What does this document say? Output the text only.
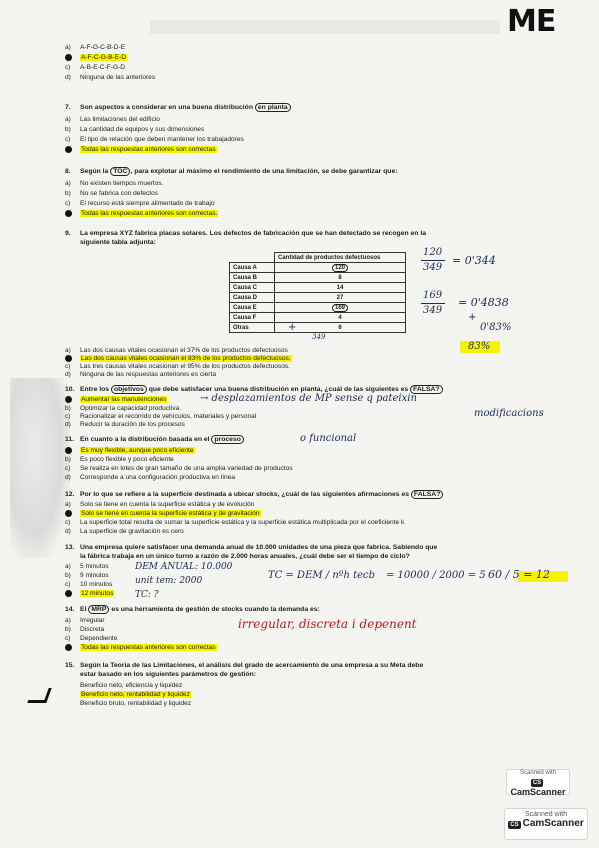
ME
a) A-F-G-C-B-D-E
A-F-C-G-B-E-D
c) A-B-E-C-F-G-D
d) Ninguna de las anteriores
7. Son aspectos a considerar en una buena distribución en planta
a) Las limitaciones del edificio
b) La cantidad de equipos y sus dimensiones
c) El tipo de relación que deben mantener los trabajadores
Todas las respuestas anteriores son correctas
8. Según la TOC , para explotar al máximo el rendimiento de una limitación, se debe garantizar que:
a) No existen tiempos muertos.
b) No se fabrica con defectos
c) El recurso está siempre alimentado de trabajo
Todas las respuestas anteriores son correctas.
9. La empresa XYZ fabrica placas solares. Los defectos de fabricación que se han detectado se recogen en la
siguiente tabla adjunta:
	Cantidad de productos defectuosos
Causa A	120
Causa B	8
Causa C	14
Causa D	27
Causa E	169
Causa F	4
Otras	6
+
349
120
349
= 0'344
169
349
= 0'4838
+
0'83%
83%
a) Las dos causas vitales ocasionan el 37% de los productos defectuosos
Las dos causas vitales ocasionan el 83% de los productos defectuosos.
c) Las tres causas vitales ocasionan el 95% de los productos defectuosos.
d) Ninguna de las respuestas anteriores es cierta
10. Entre los objetivos que debe satisfacer una buena distribución en planta, ¿cuál de las siguientes es FALSA?
Aumentar las manutenciones	→ desplazamientos de MP sense q pateixin
modificacions
b) Optimizar la capacidad productiva.
c) Racionalizar el recorrido de vehículos, materiales y personal
d) Reducir la duración de los procesos
11. En cuanto a la distribución basada en el proceso	o funcional
Es muy flexible, aunque poco eficiente
b) Es poco flexible y poco eficiente
c) Se realiza en lotes de gran tamaño de una amplia variedad de productos
d) Corresponde a una configuración productiva en línea
12. Por lo que se refiere a la superficie destinada a ubicar stocks, ¿cuál de las siguientes afirmaciones es FALSA?
a) Solo se tiene en cuenta la superficie estática y de evolución
Solo se tiene en cuenta la superficie estática y de gravitación
c) La superficie total resulta de sumar la superficie estática y la superficie estática multiplicada por el coeficiente k
d) La superficie de gravitación es cero
13. Una empresa quiere satisfacer una demanda anual de 10.000 unidades de una pieza que fabrica. Sabiendo que
la fábrica trabaja en un único turno a razón de 2.000 horas anuales, ¿cuál debe ser el tiempo de ciclo?
a) 5 minutos
b) 9 minutos
c) 10 minutos
12 minutos
DEM ANUAL: 10.000
unit tem: 2000
TC: ?
TC = DEM / nºh tecb = 10000 / 2000 = 5 60 / 5 = 12
14. El MRP es una herramienta de gestión de stocks cuando la demanda es:
a) Irregular
b) Discreta
c) Dependiente
Todas las respuestas anteriores son correctas
irregular, discreta i depenent
15. Según la Teoría de las Limitaciones, el análisis del grado de acercamiento de una empresa a su Meta debe
estar basado en los siguientes parámetros de gestión:
Beneficio neto, eficiencia y liquidez
Beneficio neto, rentabilidad y liquidez
Beneficio bruto, rentabilidad y liquidez
Scanned with
CSCamScanner
Scanned with
CS CamScanner
